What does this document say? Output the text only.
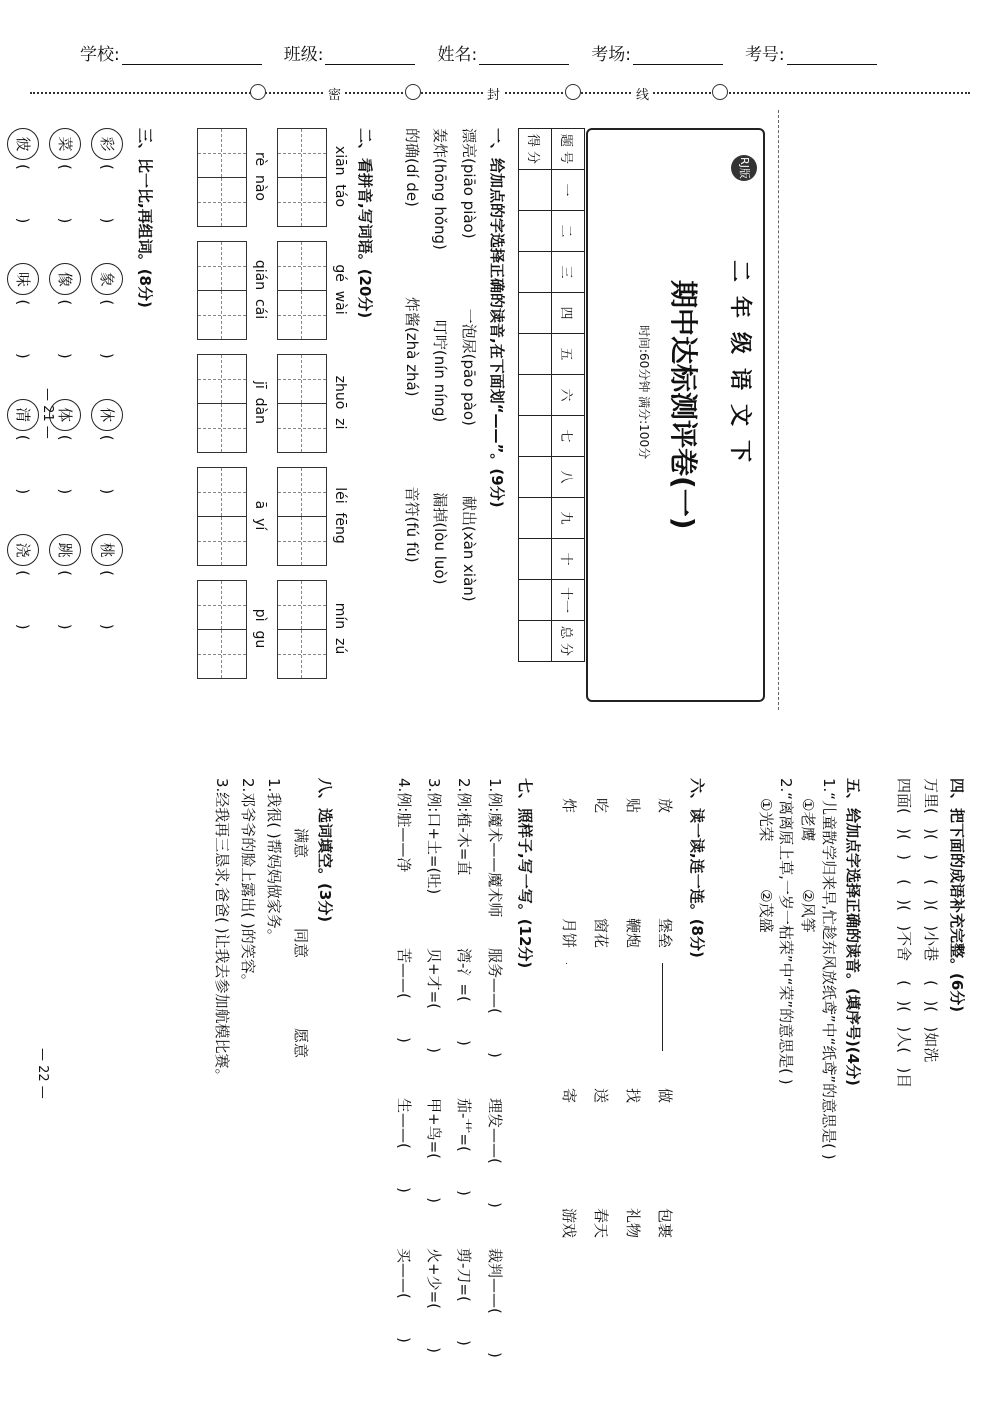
学校:	班级:	姓名:	考场:	考号:
密	封	线
RJ版
二年级语文下
期中达标测评卷(一)
时间:60分钟 满分:100分
题 号	一	二	三	四	五	六	七	八	九	十	十一	总 分
得 分												
一、给加点的字选择正确的读音,在下面划“——”。(9分)
漂亮(piāo piào)
一泡尿(pāo pào)
献出(xàn xiàn)
轰炸(hōng hǒng)
叮咛(nín níng)
漏掉(lòu luò)
的确(dí de)
炸酱(zhà zhá)
音符(fú fǔ)
二、看拼音,写词语。(20分)
xiān  táo
gé  wài
zhuō  zi
léi  fēng
mín  zú
rè  nào
qián  cái
jī  dàn
ā  yí
pì  gu
三、比一比,再组词。(8分)
彩(          )
菜(          )
彼(          )
象(          )
像(          )
味(          )
休(          )
体(          )
清(          )
桃(          )
跳(          )
浇(          )
— 21 —
四、把下面的成语补充完整。(6分)
万里(   )(   )    (   )(   )小巷    (   )(   )如洗
四面(   )(   )    (   )(   )不舍    (   )(   )人(   )目
五、给加点字选择正确的读音。(填序号)(4分)
1.“儿童散学归来早,忙趁东风放纸鸢”中“纸鸢”的意思是( )
①老鹰          ②风筝
2.“离离原上草,一岁一枯荣”中“荣”的意思是( )
①光荣          ②茂盛
六、读一读,连一连。(8分)
放
贴
吃
炸
堡垒
鞭炮
窗花
月饼
做
找
送
寄
包裹
礼物
春天
游戏
七、照样子,写一写。(12分)
1.例:魔术——魔术师
服务——(        )
理发——(        )
裁判——(        )
2.例:植-木=直
湾-氵=(        )
茄-艹=(        )
剪-刀=(        )
3.例:口+土=(吐)
贝+才=(        )
甲+鸟=(        )
火+少=(        )
4.例:脏——净
苦——(        )
生——(        )
买——(        )
八、选词填空。(3分)
满意
同意
愿意
1.我很( )帮妈妈做家务。
2.邓爷爷的脸上露出( )的笑容。
3.经我再三恳求,爸爸( )让我去参加航模比赛。
— 22 —
